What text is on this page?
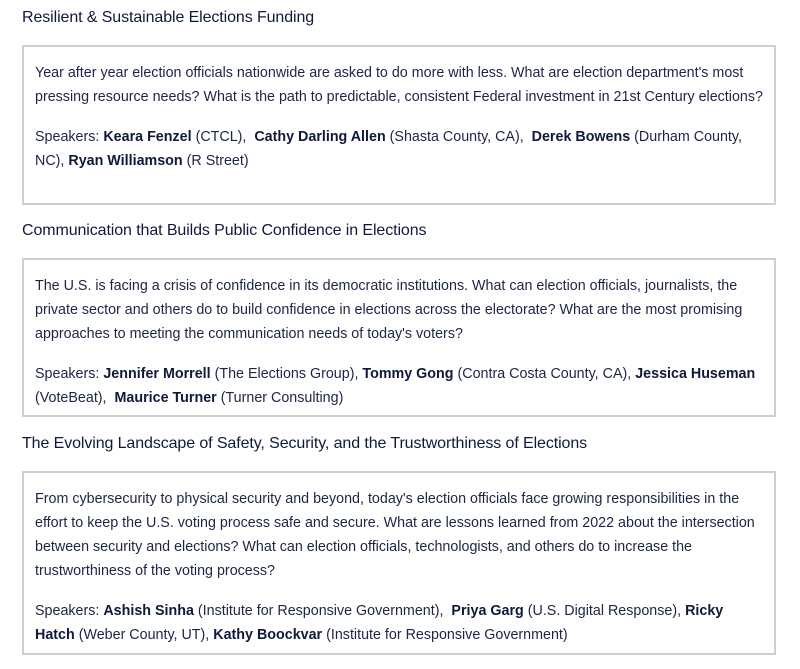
Resilient & Sustainable Elections Funding

Year after year election officials nationwide are asked to do more with less. What are election department's most pressing resource needs? What is the path to predictable, consistent Federal investment in 21st Century elections?

Speakers: Keara Fenzel (CTCL), Cathy Darling Allen (Shasta County, CA), Derek Bowens (Durham County, NC), Ryan Williamson (R Street)

Communication that Builds Public Confidence in Elections

The U.S. is facing a crisis of confidence in its democratic institutions. What can election officials, journalists, the private sector and others do to build confidence in elections across the electorate? What are the most promising approaches to meeting the communication needs of today's voters?

Speakers: Jennifer Morrell (The Elections Group), Tommy Gong (Contra Costa County, CA), Jessica Huseman (VoteBeat), Maurice Turner (Turner Consulting)

The Evolving Landscape of Safety, Security, and the Trustworthiness of Elections

From cybersecurity to physical security and beyond, today's election officials face growing responsibilities in the effort to keep the U.S. voting process safe and secure. What are lessons learned from 2022 about the intersection between security and elections? What can election officials, technologists, and others do to increase the trustworthiness of the voting process?

Speakers: Ashish Sinha (Institute for Responsive Government), Priya Garg (U.S. Digital Response), Ricky Hatch (Weber County, UT), Kathy Boockvar (Institute for Responsive Government)
